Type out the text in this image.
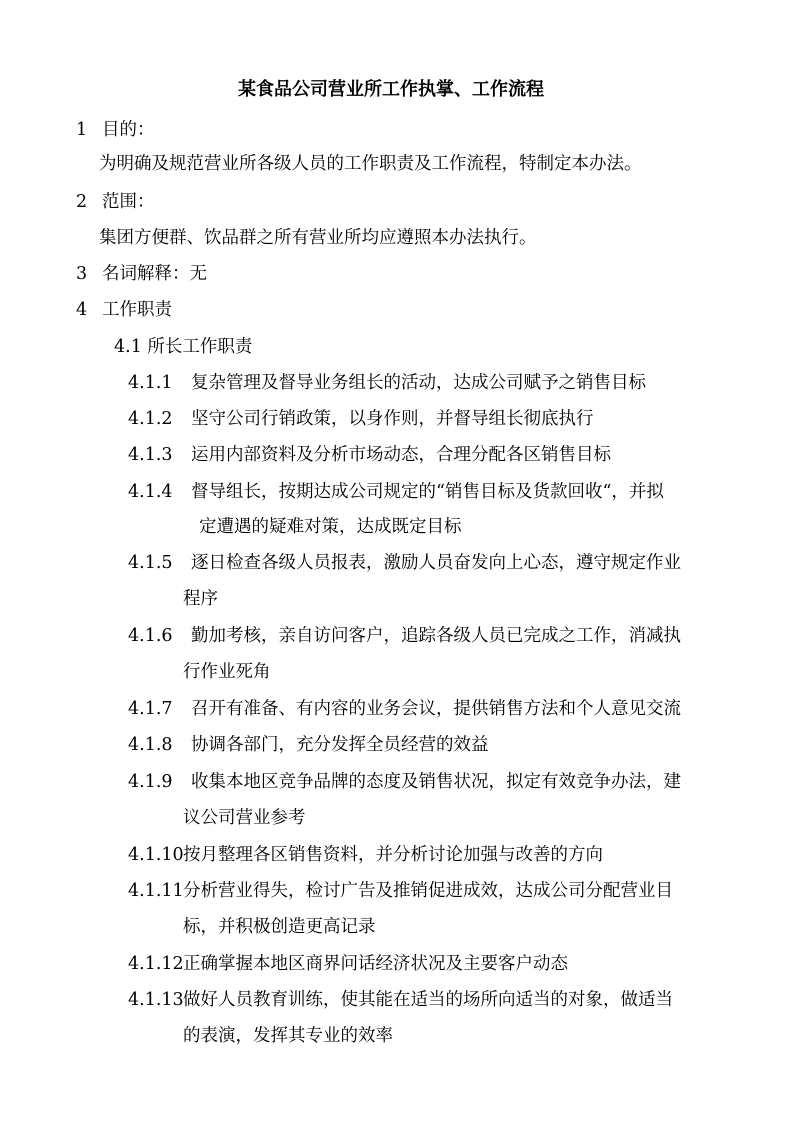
某食品公司营业所工作执掌、工作流程
1 目的：
为明确及规范营业所各级人员的工作职责及工作流程，特制定本办法。
2 范围：
集团方便群、饮品群之所有营业所均应遵照本办法执行。
3 名词解释：无
4 工作职责
4.1 所长工作职责
4.1.1 复杂管理及督导业务组长的活动，达成公司赋予之销售目标
4.1.2 坚守公司行销政策，以身作则，并督导组长彻底执行
4.1.3 运用内部资料及分析市场动态，合理分配各区销售目标
4.1.4 督导组长，按期达成公司规定的“销售目标及货款回收“，并拟
定遭遇的疑难对策，达成既定目标
4.1.5 逐日检查各级人员报表，激励人员奋发向上心态，遵守规定作业
程序
4.1.6 勤加考核，亲自访问客户，追踪各级人员已完成之工作，消减执
行作业死角
4.1.7 召开有准备、有内容的业务会议，提供销售方法和个人意见交流
4.1.8 协调各部门，充分发挥全员经营的效益
4.1.9 收集本地区竞争品牌的态度及销售状况，拟定有效竞争办法，建
议公司营业参考
4.1.10 按月整理各区销售资料，并分析讨论加强与改善的方向
4.1.11 分析营业得失，检讨广告及推销促进成效，达成公司分配营业目
标，并积极创造更高记录
4.1.12 正确掌握本地区商界问话经济状况及主要客户动态
4.1.13 做好人员教育训练，使其能在适当的场所向适当的对象，做适当
的表演，发挥其专业的效率
